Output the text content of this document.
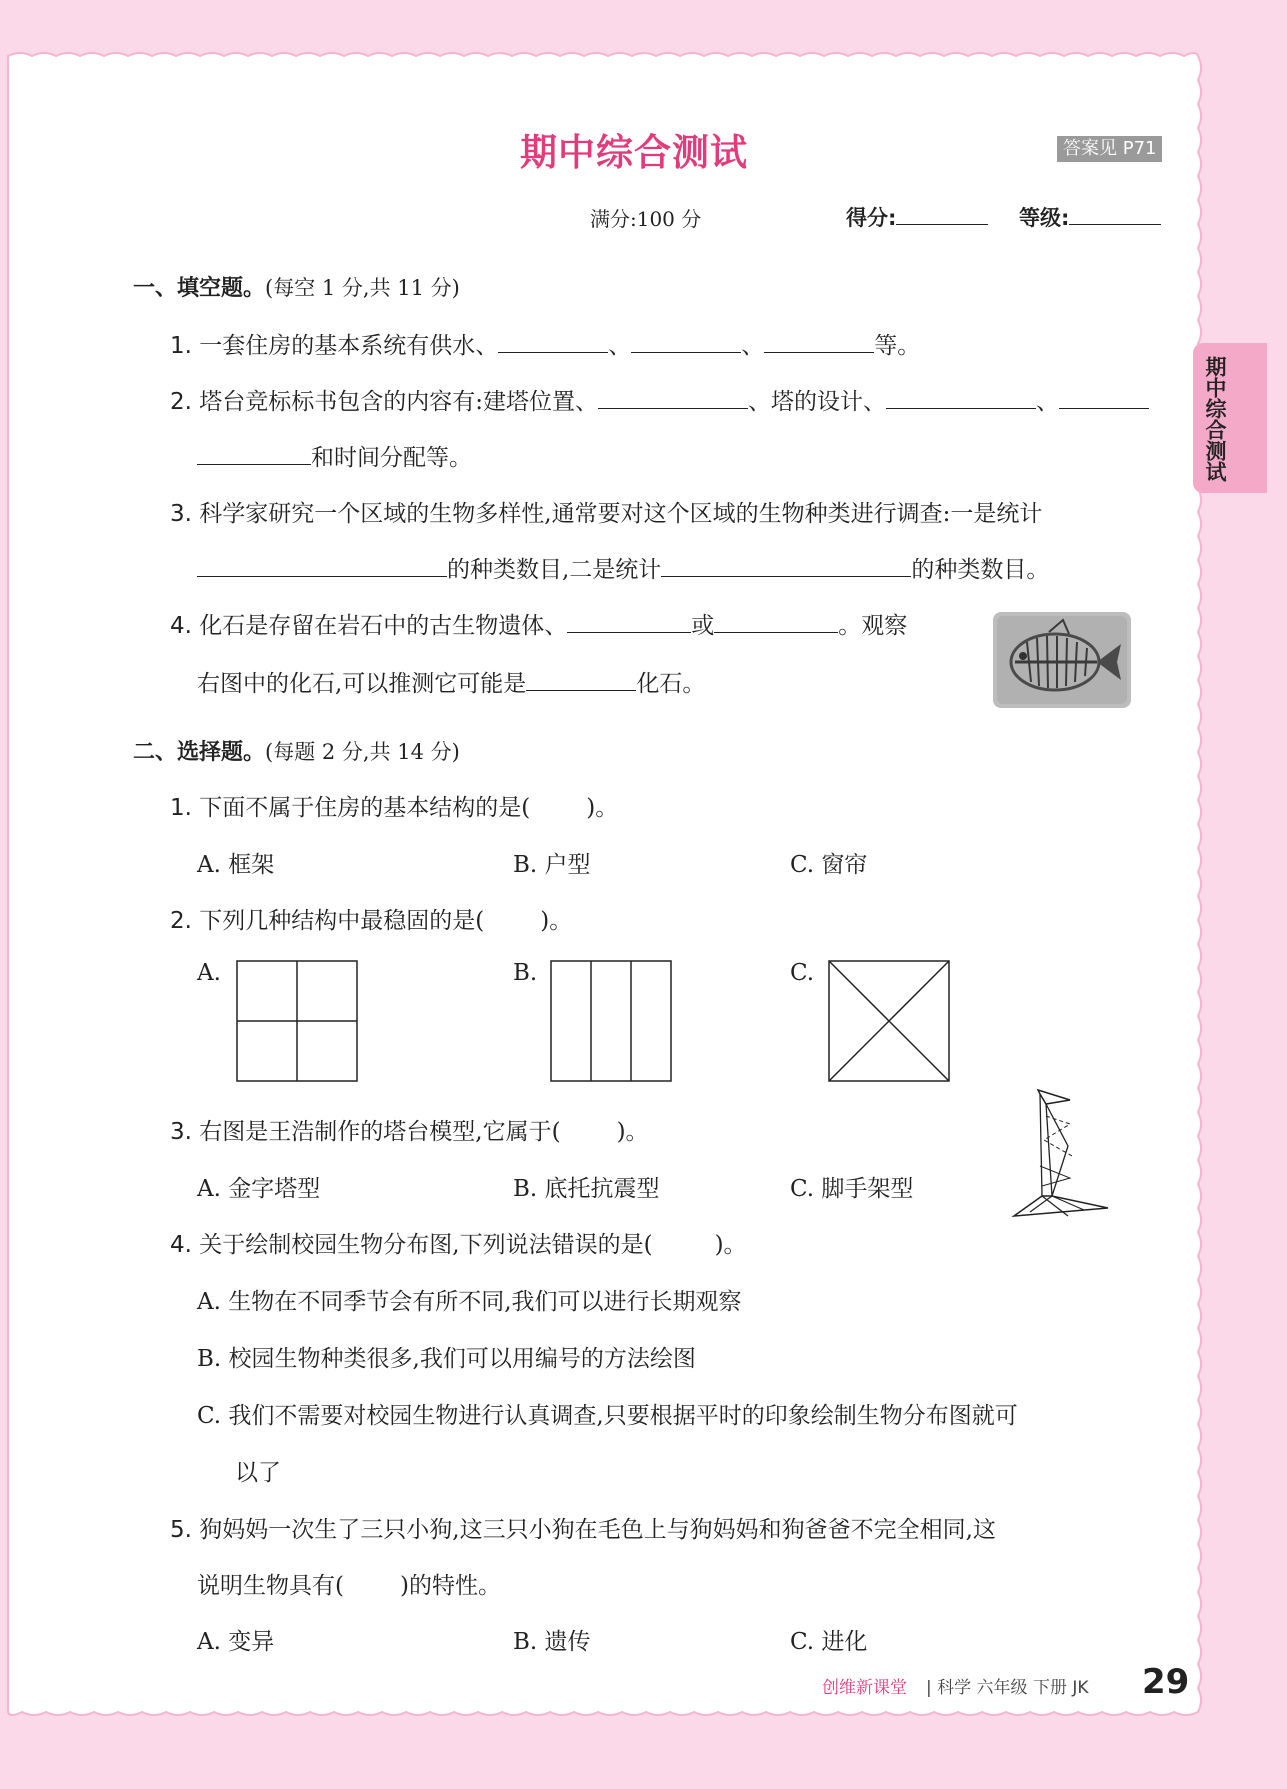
期中综合测试
期中综合测试	答案见 P71
满分:100 分	得分:	等级:
一、填空题。(每空 1 分,共 11 分)
1. 一套住房的基本系统有供水、	、	、	等。
2. 塔台竞标标书包含的内容有:建塔位置、	、塔的设计、	、
和时间分配等。
3. 科学家研究一个区域的生物多样性,通常要对这个区域的生物种类进行调查:一是统计
的种类数目,二是统计	的种类数目。
4. 化石是存留在岩石中的古生物遗体、	或	。观察
右图中的化石,可以推测它可能是	化石。
二、选择题。(每题 2 分,共 14 分)
1. 下面不属于住房的基本结构的是( )。
A. 框架	B. 户型	C. 窗帘
2. 下列几种结构中最稳固的是( )。
A.	B.	C.
3. 右图是王浩制作的塔台模型,它属于( )。
A. 金字塔型	B. 底托抗震型	C. 脚手架型
4. 关于绘制校园生物分布图,下列说法错误的是(	)。
A. 生物在不同季节会有所不同,我们可以进行长期观察
B. 校园生物种类很多,我们可以用编号的方法绘图
C. 我们不需要对校园生物进行认真调查,只要根据平时的印象绘制生物分布图就可
以了
5. 狗妈妈一次生了三只小狗,这三只小狗在毛色上与狗妈妈和狗爸爸不完全相同,这
说明生物具有( )的特性。
A. 变异	B. 遗传	C. 进化
创维新课堂 | 科学 六年级 下册 JK 29
